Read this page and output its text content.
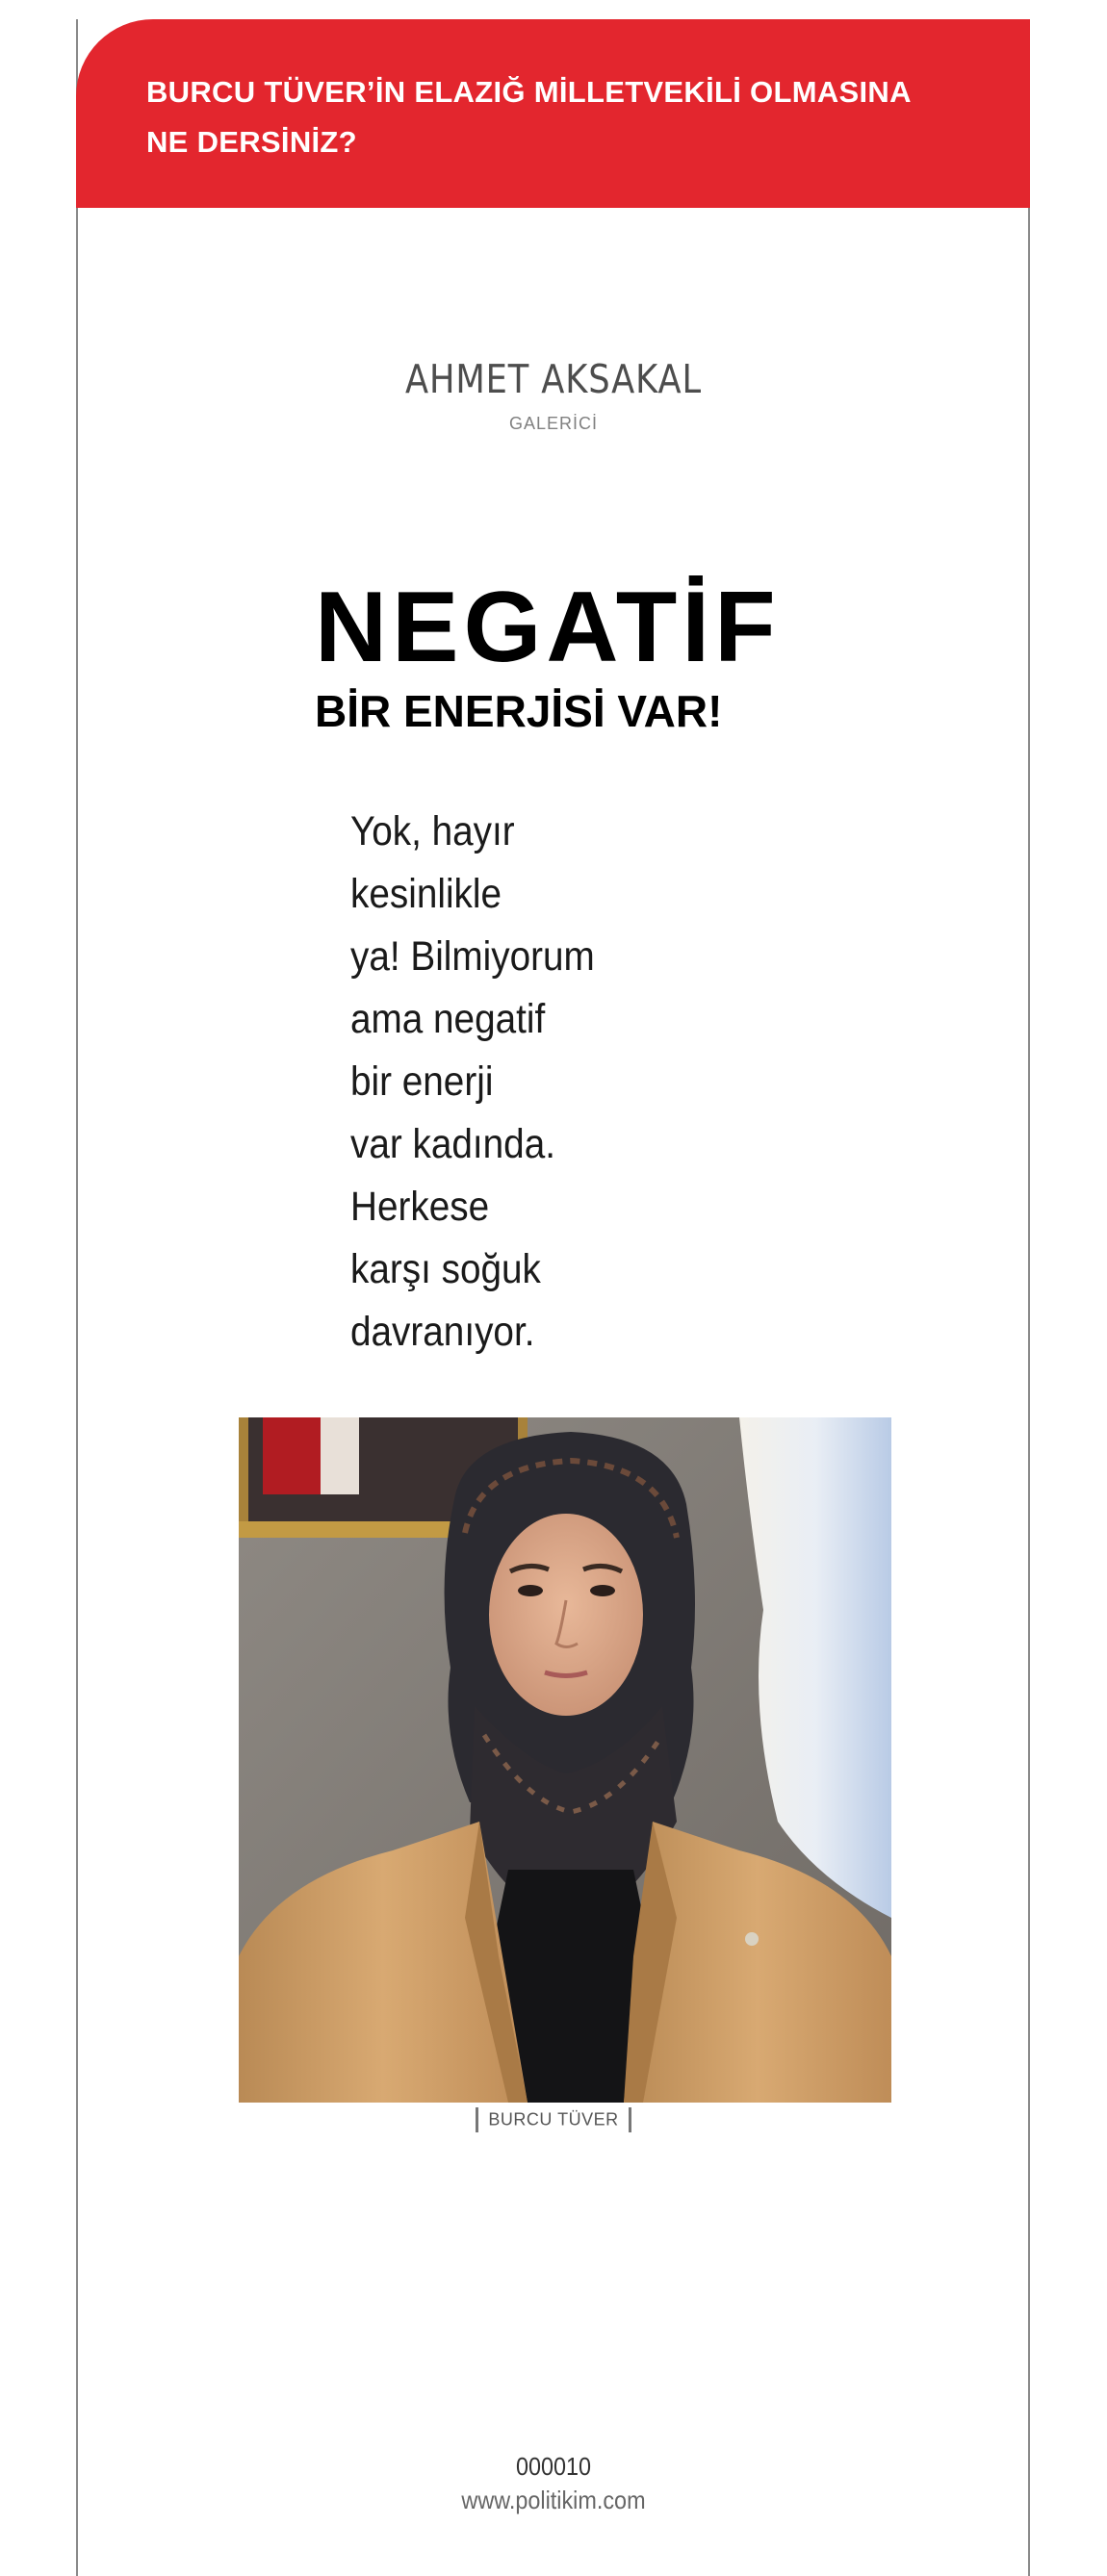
BURCU TÜVER’İN ELAZIĞ MİLLETVEKİLİ OLMASINA
NE DERSİNİZ?
AHMET AKSAKAL
GALERİCİ
NEGATİF
BİR ENERJİSİ VAR!
Yok, hayır
kesinlikle
ya! Bilmiyorum
ama negatif
bir enerji
var kadında.
Herkese
karşı soğuk
davranıyor.
BURCU TÜVER
000010
www.politikim.com
